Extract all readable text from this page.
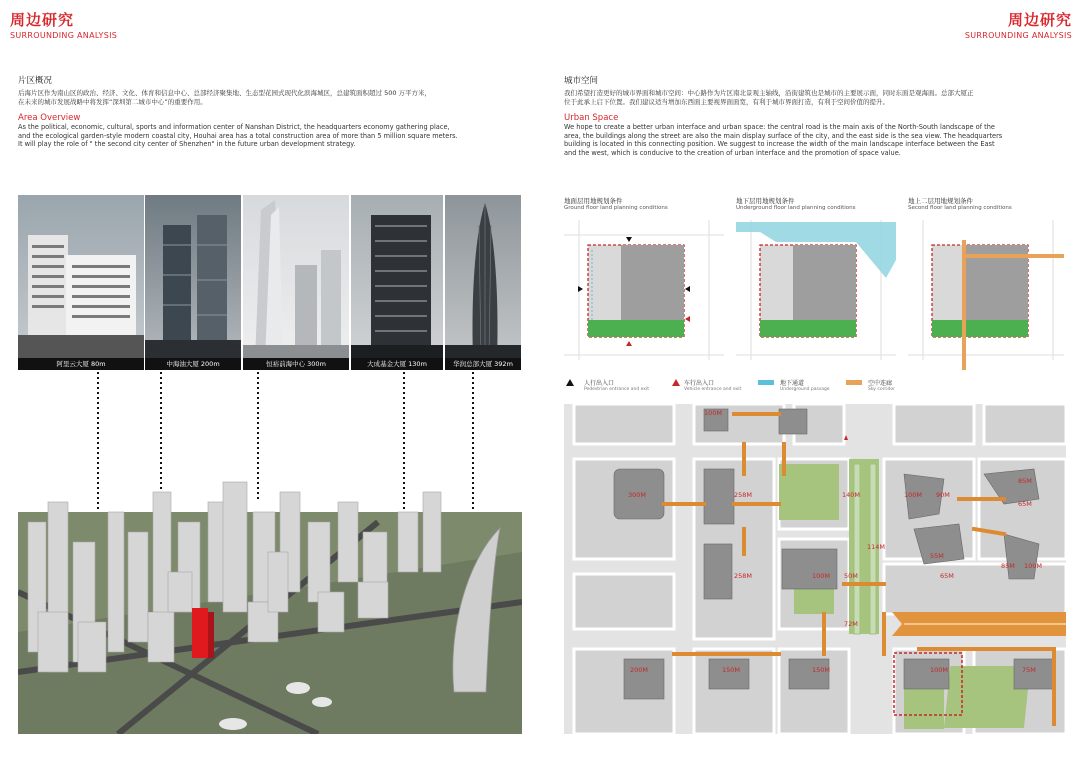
周边研究
SURROUNDING ANALYSIS
周边研究
SURROUNDING ANALYSIS
片区概况
后海片区作为南山区的政治、经济、文化、体育和信息中心、总部经济聚集地、生态型花园式现代化滨海城区，总建筑面积超过 500 万平方米，
在未来的城市发展战略中将发挥“深圳第二城市中心”的重要作用。
Area Overview
As the political, economic, cultural, sports and information center of Nanshan District, the headquarters economy gathering place,
and the ecological garden-style modern coastal city, Houhai area has a total construction area of more than 5 million square meters.
It will play the role of " the second city center of Shenzhen" in the future urban development strategy.
城市空间
我们希望打造更好的城市界面和城市空间：中心路作为片区南北景观主轴线，沿街建筑也是城市的主要展示面，同时东面是观海面。总部大厦正
位于此承上启下位置。我们建议适当增加东西面主要视界面面宽，有利于城市界面打造，有利于空间价值的提升。
Urban Space
We hope to create a better urban interface and urban space: the central road is the main axis of the North-South landscape of the
area, the buildings along the street are also the main display surface of the city, and the east side is the sea view. The headquarters
building is located in this connecting position. We suggest to increase the width of the main landscape interface between the East
and the west, which is conducive to the creation of urban interface and the promotion of space value.
阿里云大厦 80m	中海油大厦 200m	恒裕前海中心 300m	大成基金大厦 130m	华润总部大厦 392m
地面层用地规划条件
Ground floor land planning conditions
地下层用地规划条件
Underground floor land planning conditions
地上二层用地规划条件
Second floor land planning conditions
人行出入口
Pedestrian entrance and exit
车行出入口
Vehicle entrance and exit
地下通道
Underground passage
空中连廊
Sky corridor
100M
300M	258M	140M	100M 90M
85M
65M
114M
258M	100M 50M
55M
65M
85M 100M
72M
200M	150M	150M	100M	75M
